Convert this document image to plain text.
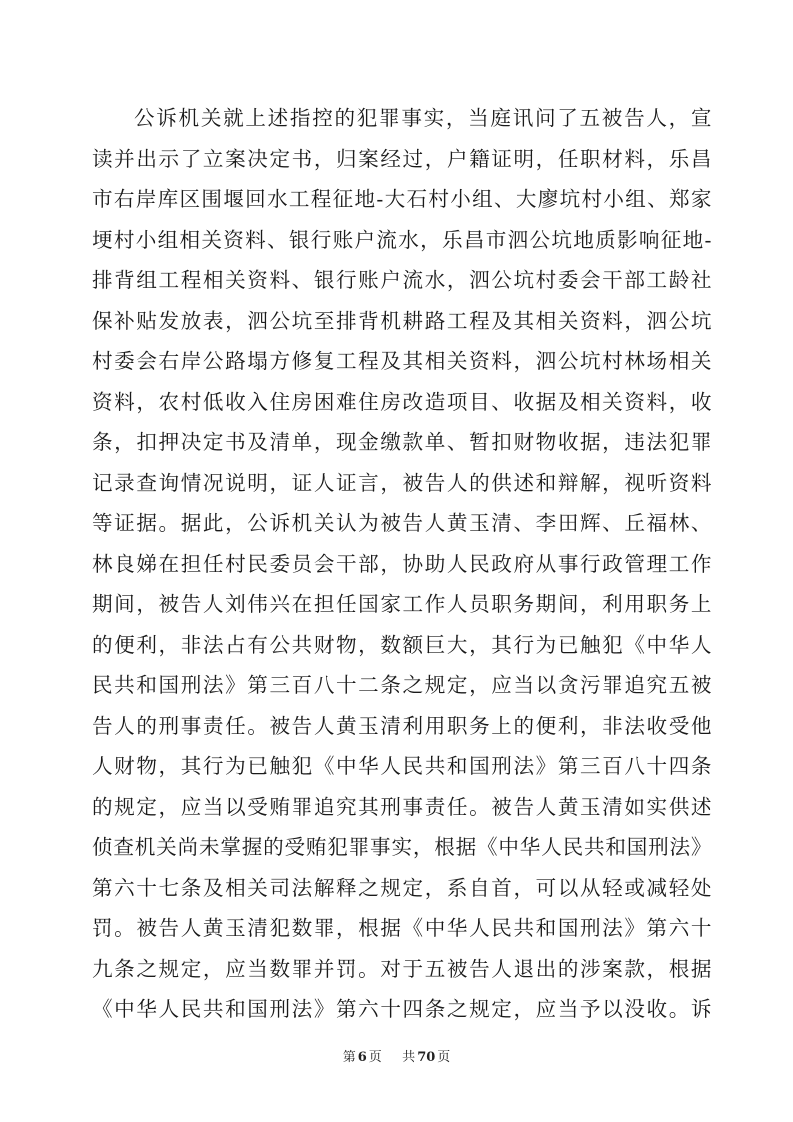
公诉机关就上述指控的犯罪事实，当庭讯问了五被告人，宣
读并出示了立案决定书，归案经过，户籍证明，任职材料，乐昌
市右岸库区围堰回水工程征地-大石村小组、大廖坑村小组、郑家
埂村小组相关资料、银行账户流水，乐昌市泗公坑地质影响征地-
排背组工程相关资料、银行账户流水，泗公坑村委会干部工龄社
保补贴发放表，泗公坑至排背机耕路工程及其相关资料，泗公坑
村委会右岸公路塌方修复工程及其相关资料，泗公坑村林场相关
资料，农村低收入住房困难住房改造项目、收据及相关资料，收
条，扣押决定书及清单，现金缴款单、暂扣财物收据，违法犯罪
记录查询情况说明，证人证言，被告人的供述和辩解，视听资料
等证据。据此，公诉机关认为被告人黄玉清、李田辉、丘福林、
林良娣在担任村民委员会干部，协助人民政府从事行政管理工作
期间，被告人刘伟兴在担任国家工作人员职务期间，利用职务上
的便利，非法占有公共财物，数额巨大，其行为已触犯《中华人
民共和国刑法》第三百八十二条之规定，应当以贪污罪追究五被
告人的刑事责任。被告人黄玉清利用职务上的便利，非法收受他
人财物，其行为已触犯《中华人民共和国刑法》第三百八十四条
的规定，应当以受贿罪追究其刑事责任。被告人黄玉清如实供述
侦查机关尚未掌握的受贿犯罪事实，根据《中华人民共和国刑法》
第六十七条及相关司法解释之规定，系自首，可以从轻或减轻处
罚。被告人黄玉清犯数罪，根据《中华人民共和国刑法》第六十
九条之规定，应当数罪并罚。对于五被告人退出的涉案款，根据
《中华人民共和国刑法》第六十四条之规定，应当予以没收。诉
第 6 页 共 70 页
